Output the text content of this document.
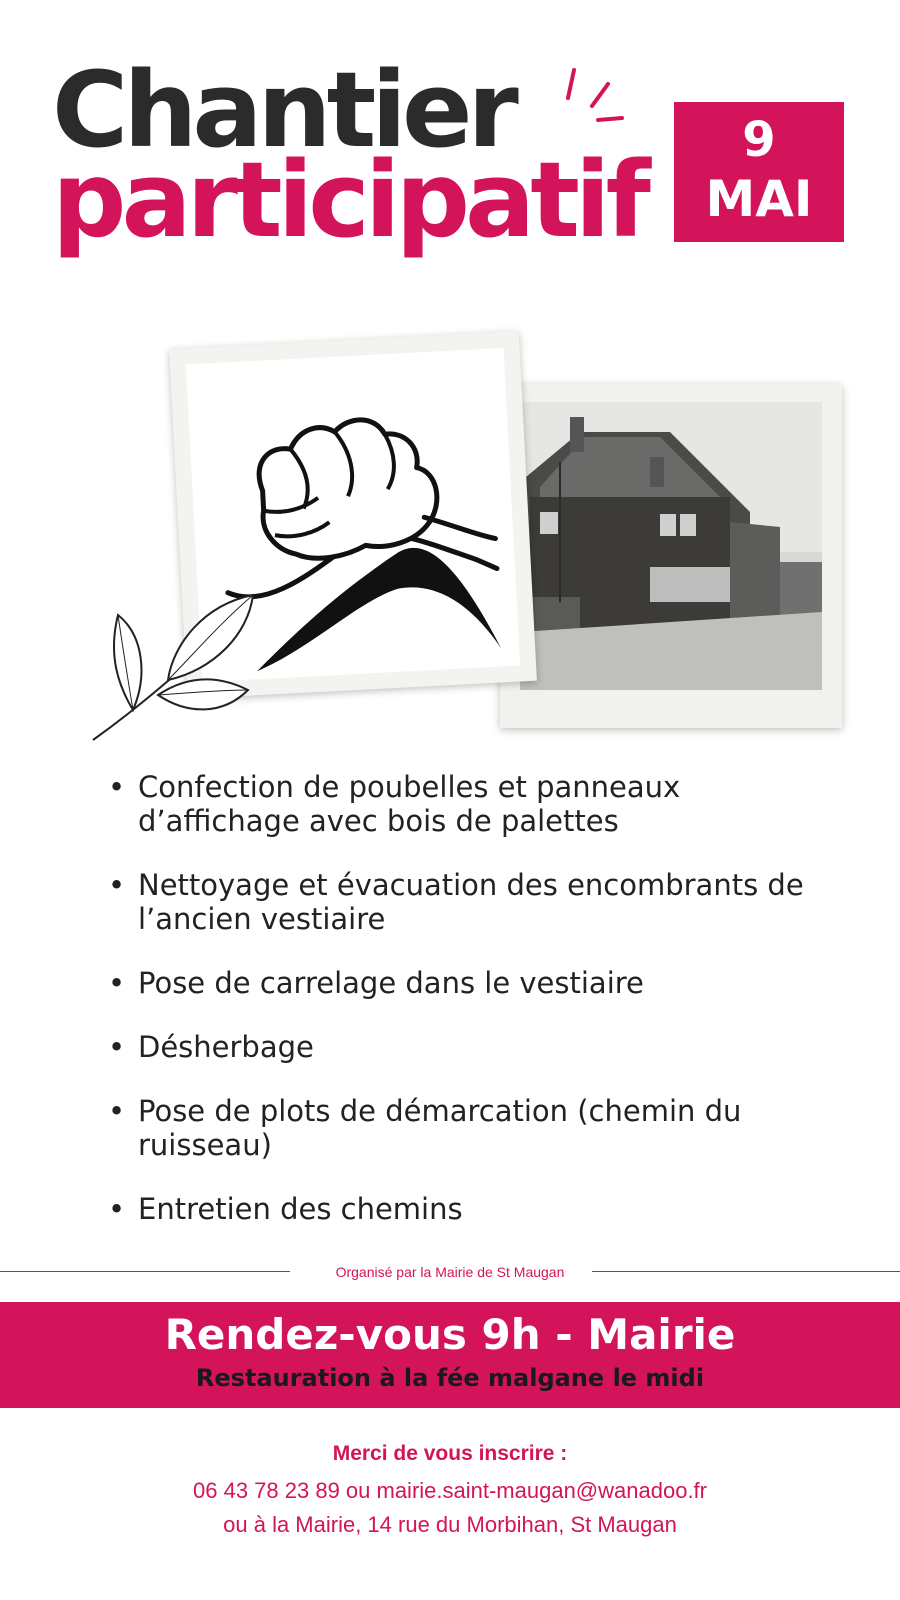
Chantier
participatif	9
MAI
• Confection de poubelles et panneaux d’affichage avec bois de palettes
• Nettoyage et évacuation des encombrants de l’ancien vestiaire
• Pose de carrelage dans le vestiaire
• Désherbage
• Pose de plots de démarcation (chemin du ruisseau)
• Entretien des chemins
Organisé par la Mairie de St Maugan
Rendez-vous 9h - Mairie
Restauration à la fée malgane le midi
Merci de vous inscrire :
06 43 78 23 89 ou mairie.saint-maugan@wanadoo.fr
ou à la Mairie, 14 rue du Morbihan, St Maugan
